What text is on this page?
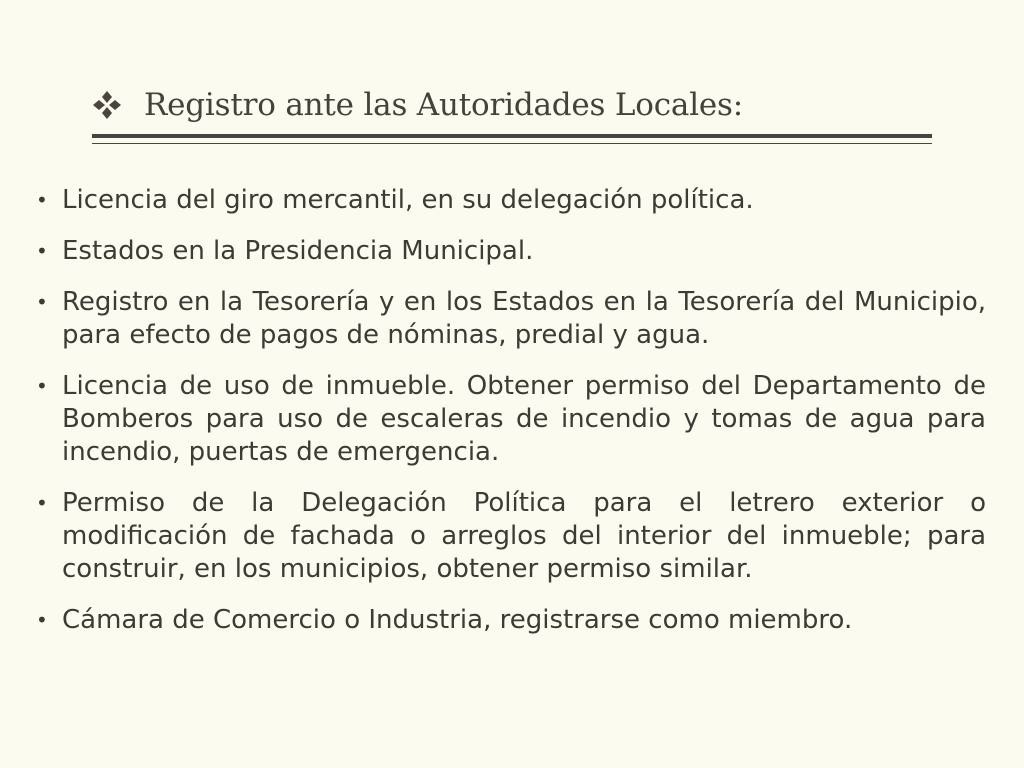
Registro ante las Autoridades Locales:
• Licencia del giro mercantil, en su delegación política.
• Estados en la Presidencia Municipal.
• Registro en la Tesorería y en los Estados en la Tesorería del Municipio, para efecto de pagos de nóminas, predial y agua.
• Licencia de uso de inmueble. Obtener permiso del Departamento de Bomberos para uso de escaleras de incendio y tomas de agua para incendio, puertas de emergencia.
• Permiso de la Delegación Política para el letrero exterior o modificación de fachada o arreglos del interior del inmueble; para construir, en los municipios, obtener permiso similar.
• Cámara de Comercio o Industria, registrarse como miembro.
